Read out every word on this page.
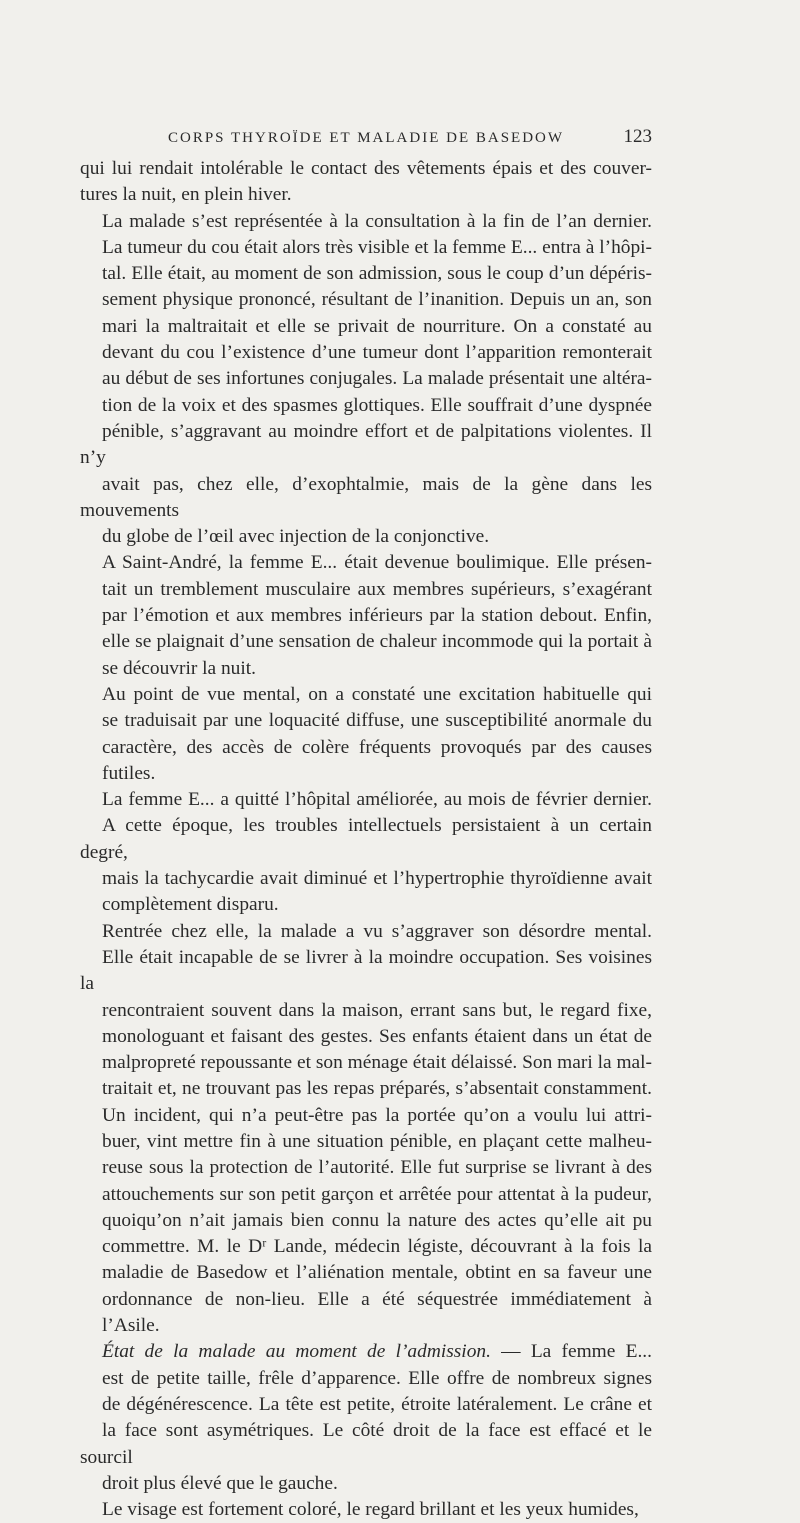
CORPS THYROÏDE ET MALADIE DE BASEDOW	123

qui lui rendait intolérable le contact des vêtements épais et des couver-
tures la nuit, en plein hiver.

La malade s’est représentée à la consultation à la fin de l’an dernier.
La tumeur du cou était alors très visible et la femme E... entra à l’hôpi-
tal. Elle était, au moment de son admission, sous le coup d’un dépéris-
sement physique prononcé, résultant de l’inanition. Depuis un an, son
mari la maltraitait et elle se privait de nourriture. On a constaté au
devant du cou l’existence d’une tumeur dont l’apparition remonterait
au début de ses infortunes conjugales. La malade présentait une altéra-
tion de la voix et des spasmes glottiques. Elle souffrait d’une dyspnée
pénible, s’aggravant au moindre effort et de palpitations violentes. Il n’y
avait pas, chez elle, d’exophtalmie, mais de la gène dans les mouvements
du globe de l’œil avec injection de la conjonctive.

A Saint-André, la femme E... était devenue boulimique. Elle présen-
tait un tremblement musculaire aux membres supérieurs, s’exagérant
par l’émotion et aux membres inférieurs par la station debout. Enfin,
elle se plaignait d’une sensation de chaleur incommode qui la portait à
se découvrir la nuit.

Au point de vue mental, on a constaté une excitation habituelle qui
se traduisait par une loquacité diffuse, une susceptibilité anormale du
caractère, des accès de colère fréquents provoqués par des causes
futiles.

La femme E... a quitté l’hôpital améliorée, au mois de février dernier.
A cette époque, les troubles intellectuels persistaient à un certain degré,
mais la tachycardie avait diminué et l’hypertrophie thyroïdienne avait
complètement disparu.

Rentrée chez elle, la malade a vu s’aggraver son désordre mental.
Elle était incapable de se livrer à la moindre occupation. Ses voisines la
rencontraient souvent dans la maison, errant sans but, le regard fixe,
monologuant et faisant des gestes. Ses enfants étaient dans un état de
malpropreté repoussante et son ménage était délaissé. Son mari la mal-
traitait et, ne trouvant pas les repas préparés, s’absentait constamment.
Un incident, qui n’a peut-être pas la portée qu’on a voulu lui attri-
buer, vint mettre fin à une situation pénible, en plaçant cette malheu-
reuse sous la protection de l’autorité. Elle fut surprise se livrant à des
attouchements sur son petit garçon et arrêtée pour attentat à la pudeur,
quoiqu’on n’ait jamais bien connu la nature des actes qu’elle ait pu
commettre. M. le Dʳ Lande, médecin légiste, découvrant à la fois la
maladie de Basedow et l’aliénation mentale, obtint en sa faveur une
ordonnance de non-lieu. Elle a été séquestrée immédiatement à
l’Asile.

État de la malade au moment de l’admission. — La femme E...
est de petite taille, frêle d’apparence. Elle offre de nombreux signes
de dégénérescence. La tête est petite, étroite latéralement. Le crâne et
la face sont asymétriques. Le côté droit de la face est effacé et le sourcil
droit plus élevé que le gauche.

Le visage est fortement coloré, le regard brillant et les yeux humides,
